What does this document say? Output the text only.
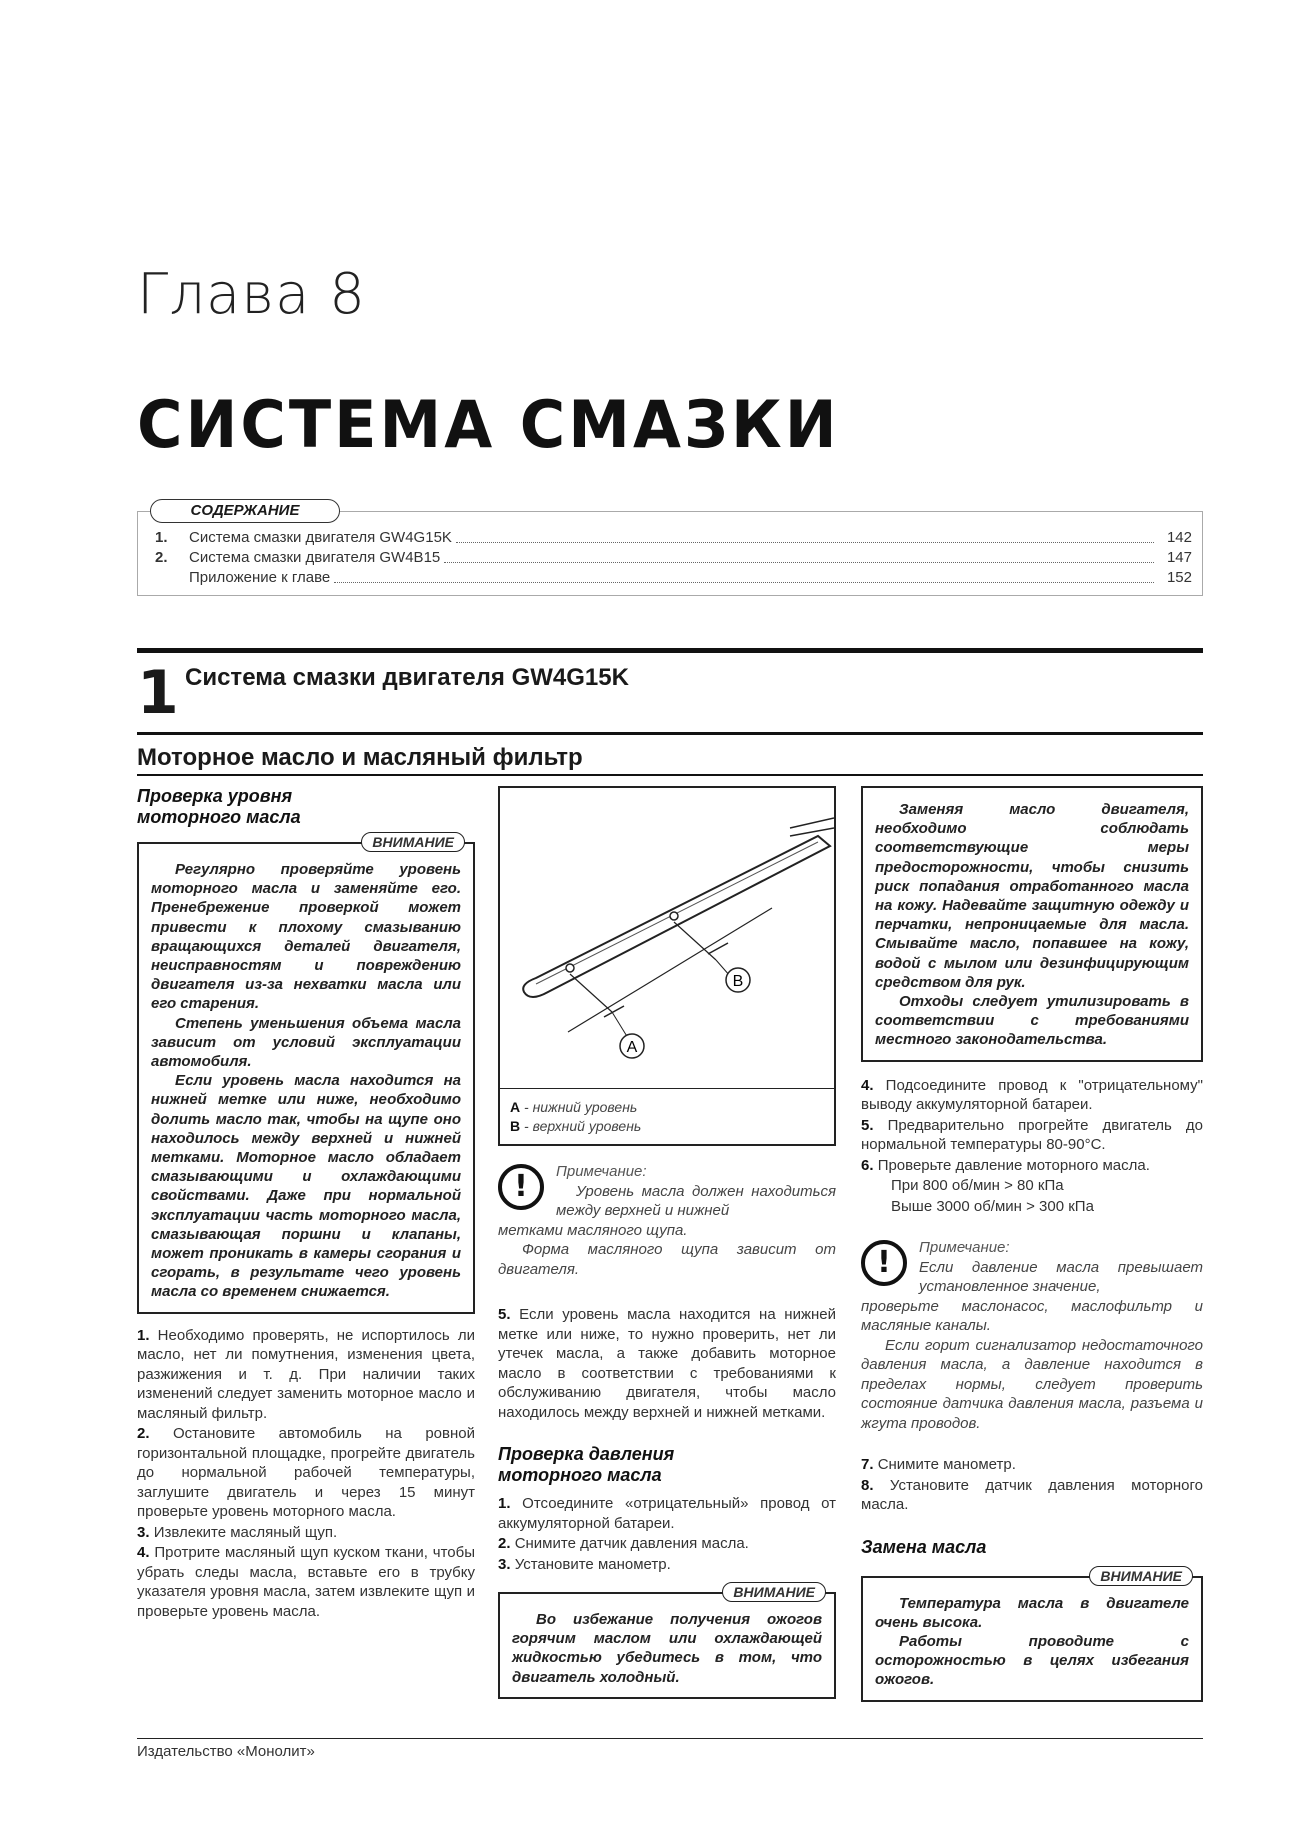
Глава 8
СИСТЕМА СМАЗКИ
СОДЕРЖАНИЕ
1.	Система смазки двигателя GW4G15K	142
2.	Система смазки двигателя GW4B15	147
Приложение к главе	152
1 Система смазки двигателя GW4G15K
Моторное масло и масляный фильтр
Проверка уровня
моторного масла
ВНИМАНИЕ

Регулярно проверяйте уровень моторного масла и заменяйте его. Пренебрежение проверкой может привести к плохому смазыванию вращающихся деталей двигателя, неисправностям и повреждению двигателя из-за нехватки масла или его старения.

Степень уменьшения объема масла зависит от условий эксплуатации автомобиля.

Если уровень масла находится на нижней метке или ниже, необходимо долить масло так, чтобы на щупе оно находилось между верхней и нижней метками. Моторное масло обладает смазывающими и охлаждающими свойствами. Даже при нормальной эксплуатации часть моторного масла, смазывающая поршни и клапаны, может проникать в камеры сгорания и сгорать, в результате чего уровень масла со временем снижается.

1. Необходимо проверять, не испортилось ли масло, нет ли помутнения, изменения цвета, разжижения и т. д. При наличии таких изменений следует заменить моторное масло и масляный фильтр.

2. Остановите автомобиль на ровной горизонтальной площадке, прогрейте двигатель до нормальной рабочей температуры, заглушите двигатель и через 15 минут проверьте уровень моторного масла.

3. Извлеките масляный щуп.

4. Протрите масляный щуп куском ткани, чтобы убрать следы масла, вставьте его в трубку указателя уровня масла, затем извлеките щуп и проверьте уровень масла.

A
B
A - нижний уровень
B - верхний уровень
!	Примечание:
Уровень масла должен находиться между верхней и нижней
метками масляного щупа.
Форма масляного щупа зависит от двигателя.

5. Если уровень масла находится на нижней метке или ниже, то нужно проверить, нет ли утечек масла, а также добавить моторное масло в соответствии с требованиями к обслуживанию двигателя, чтобы масло находилось между верхней и нижней метками.

Проверка давления
моторного масла

1. Отсоедините «отрицательный» провод от аккумуляторной батареи.

2. Снимите датчик давления масла.

3. Установите манометр.

ВНИМАНИЕ

Во избежание получения ожогов горячим маслом или охлаждающей жидкостью убедитесь в том, что двигатель холодный.

Заменяя масло двигателя, необходимо соблюдать соответствующие меры предосторожности, чтобы снизить риск попадания отработанного масла на кожу. Надевайте защитную одежду и перчатки, непроницаемые для масла. Смывайте масло, попавшее на кожу, водой с мылом или дезинфицирующим средством для рук.

Отходы следует утилизировать в соответствии с требованиями местного законодательства.

4. Подсоедините провод к "отрицательному" выводу аккумуляторной батареи.

5. Предварительно прогрейте двигатель до нормальной температуры 80-90°C.

6. Проверьте давление моторного масла.

При 800 об/мин > 80 кПа

Выше 3000 об/мин > 300 кПа

!	Примечание:
Если давление масла превышает установленное значение,
проверьте маслонасос, маслофильтр и масляные каналы.
Если горит сигнализатор недостаточного давления масла, а давление находится в пределах нормы, следует проверить состояние датчика давления масла, разъема и жгута проводов.

7. Снимите манометр.

8. Установите датчик давления моторного масла.

Замена масла
ВНИМАНИЕ

Температура масла в двигателе очень высока.

Работы проводите с осторожностью в целях избегания ожогов.

Издательство «Монолит»
